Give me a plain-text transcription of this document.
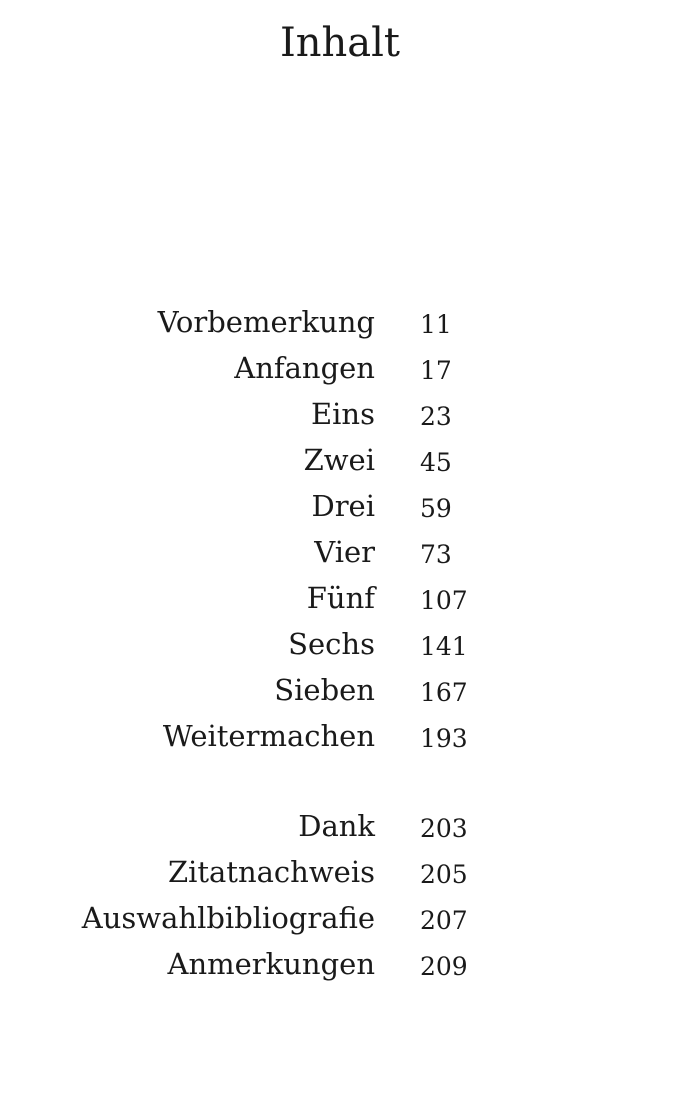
Inhalt
Vorbemerkung 11
Anfangen 17
Eins 23
Zwei 45
Drei 59
Vier 73
Fünf 107
Sechs 141
Sieben 167
Weitermachen 193
Dank 203
Zitatnachweis 205
Auswahlbibliografie 207
Anmerkungen 209
